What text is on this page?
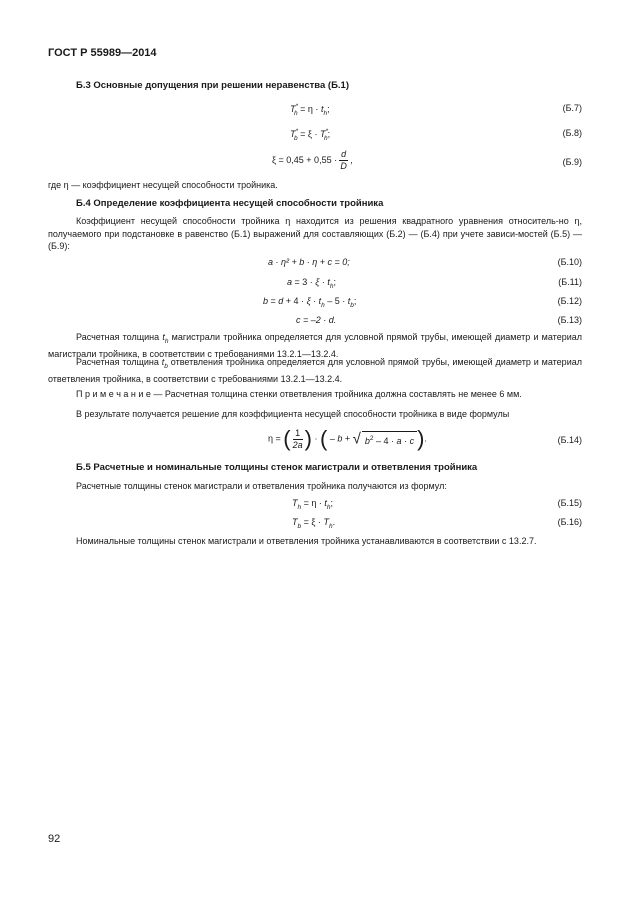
ГОСТ Р 55989—2014
Б.3 Основные допущения при решении неравенства (Б.1)
$T^*_h = \eta \cdot t_h$;	(Б.7)
$T^*_b = \xi \cdot T^*_h$;	(Б.8)
$\xi = 0,45 + 0,55 \cdot \frac{d}{D}$ ,	(Б.9)
где η — коэффициент несущей способности тройника.
Б.4 Определение коэффициента несущей способности тройника
Коэффициент несущей способности тройника η находится из решения квадратного уравнения относитель-но η, получаемого при подстановке в равенство (Б.1) выражений для составляющих (Б.2) — (Б.4) при учете зависи-мостей (Б.5) — (Б.9):
a · η² + b · η + c = 0;	(Б.10)
$a = 3 \cdot \xi \cdot t_h$;	(Б.11)
$b = d + 4 \cdot \xi \cdot t_h - 5 \cdot t_b$;	(Б.12)
c = –2 · d.	(Б.13)
Расчетная толщина $t_h$ магистрали тройника определяется для условной прямой трубы, имеющей диаметр и материал магистрали тройника, в соответствии с требованиями 13.2.1—13.2.4.
Расчетная толщина $t_b$ ответвления тройника определяется для условной прямой трубы, имеющей диаметр и материал ответвления тройника, в соответствии с требованиями 13.2.1—13.2.4.
П р и м е ч а н и е — Расчетная толщина стенки ответвления тройника должна составлять не менее 6 мм.
В результате получается решение для коэффициента несущей способности тройника в виде формулы
η = ( $\frac{1}{2a}$ ) · ( – b + √ $b^2 - 4 \cdot a \cdot c$ ).	(Б.14)
Б.5 Расчетные и номинальные толщины стенок магистрали и ответвления тройника
Расчетные толщины стенок магистрали и ответвления тройника получаются из формул:
$T_h = \eta \cdot t_h$;	(Б.15)
$T_b = \xi \cdot T_h$.	(Б.16)
Номинальные толщины стенок магистрали и ответвления тройника устанавливаются в соответствии с 13.2.7.
92
